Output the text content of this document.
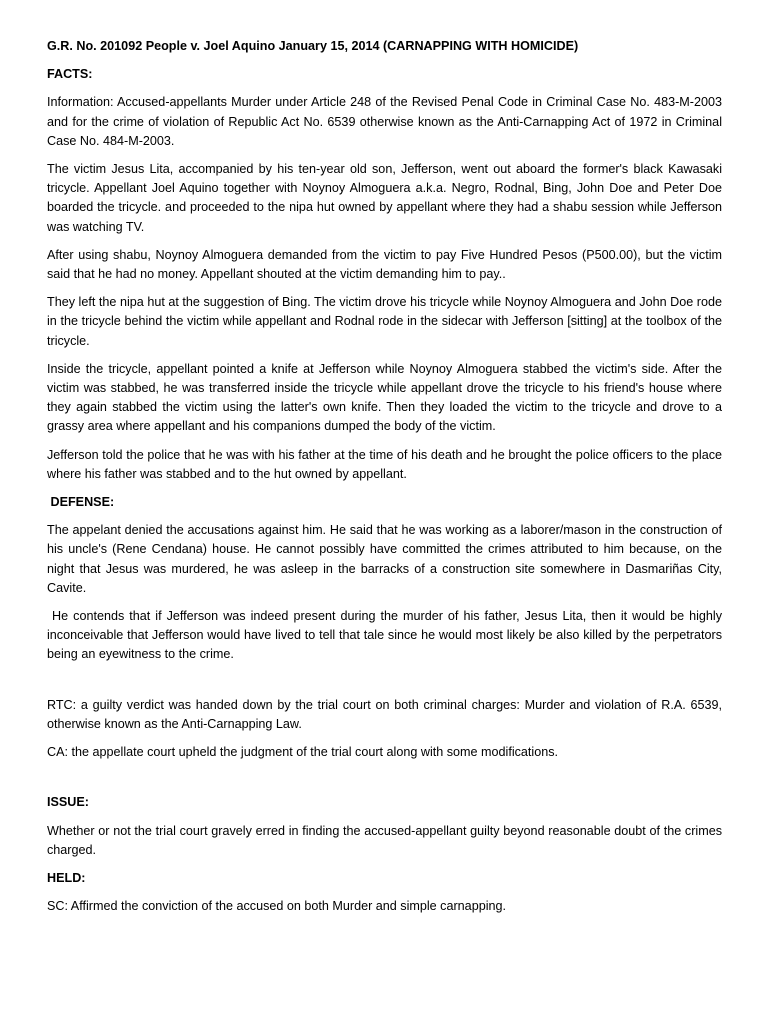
G.R. No. 201092 People v. Joel Aquino January 15, 2014 (CARNAPPING WITH HOMICIDE)

FACTS:

Information: Accused-appellants Murder under Article 248 of the Revised Penal Code in Criminal Case No. 483-M-2003 and for the crime of violation of Republic Act No. 6539 otherwise known as the Anti-Carnapping Act of 1972 in Criminal Case No. 484-M-2003.

The victim Jesus Lita, accompanied by his ten-year old son, Jefferson, went out aboard the former's black Kawasaki tricycle. Appellant Joel Aquino together with Noynoy Almoguera a.k.a. Negro, Rodnal, Bing, John Doe and Peter Doe boarded the tricycle. and proceeded to the nipa hut owned by appellant where they had a shabu session while Jefferson was watching TV.

After using shabu, Noynoy Almoguera demanded from the victim to pay Five Hundred Pesos (P500.00), but the victim said that he had no money. Appellant shouted at the victim demanding him to pay..

They left the nipa hut at the suggestion of Bing. The victim drove his tricycle while Noynoy Almoguera and John Doe rode in the tricycle behind the victim while appellant and Rodnal rode in the sidecar with Jefferson [sitting] at the toolbox of the tricycle.

Inside the tricycle, appellant pointed a knife at Jefferson while Noynoy Almoguera stabbed the victim's side. After the victim was stabbed, he was transferred inside the tricycle while appellant drove the tricycle to his friend's house where they again stabbed the victim using the latter's own knife. Then they loaded the victim to the tricycle and drove to a grassy area where appellant and his companions dumped the body of the victim.

Jefferson told the police that he was with his father at the time of his death and he brought the police officers to the place where his father was stabbed and to the hut owned by appellant.

DEFENSE:

The appelant denied the accusations against him. He said that he was working as a laborer/mason in the construction of his uncle's (Rene Cendana) house. He cannot possibly have committed the crimes attributed to him because, on the night that Jesus was murdered, he was asleep in the barracks of a construction site somewhere in Dasmariñas City, Cavite.

He contends that if Jefferson was indeed present during the murder of his father, Jesus Lita, then it would be highly inconceivable that Jefferson would have lived to tell that tale since he would most likely be also killed by the perpetrators being an eyewitness to the crime.

RTC: a guilty verdict was handed down by the trial court on both criminal charges: Murder and violation of R.A. 6539, otherwise known as the Anti-Carnapping Law.

CA: the appellate court upheld the judgment of the trial court along with some modifications.

ISSUE:

Whether or not the trial court gravely erred in finding the accused-appellant guilty beyond reasonable doubt of the crimes charged.

HELD:

SC: Affirmed the conviction of the accused on both Murder and simple carnapping.
